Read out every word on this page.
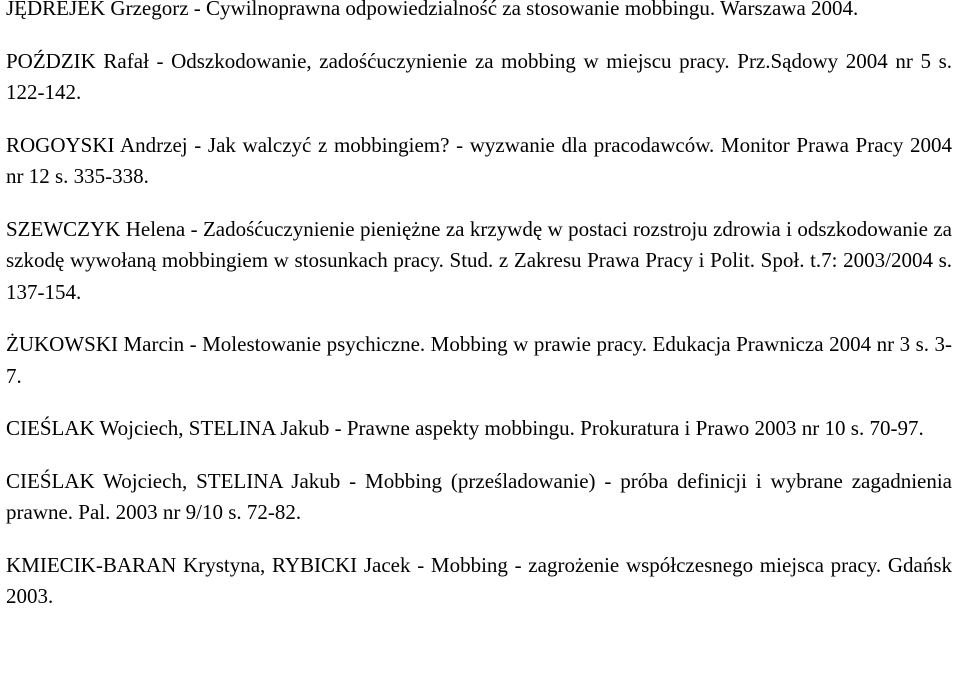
JĘDREJEK Grzegorz - Cywilnoprawna odpowiedzialność za stosowanie mobbingu. Warszawa 2004.
POŹDZIK Rafał - Odszkodowanie, zadośćuczynienie za mobbing w miejscu pracy. Prz.Sądowy 2004 nr 5 s. 122-142.
ROGOYSKI Andrzej - Jak walczyć z mobbingiem? - wyzwanie dla pracodawców. Monitor Prawa Pracy 2004 nr 12 s. 335-338.
SZEWCZYK Helena - Zadośćuczynienie pieniężne za krzywdę w postaci rozstroju zdrowia i odszkodowanie za szkodę wywołaną mobbingiem w stosunkach pracy. Stud. z Zakresu Prawa Pracy i Polit. Społ. t.7: 2003/2004 s. 137-154.
ŻUKOWSKI Marcin - Molestowanie psychiczne. Mobbing w prawie pracy. Edukacja Prawnicza 2004 nr 3 s. 3-7.
CIEŚLAK Wojciech, STELINA Jakub - Prawne aspekty mobbingu. Prokuratura i Prawo 2003 nr 10 s. 70-97.
CIEŚLAK Wojciech, STELINA Jakub - Mobbing (prześladowanie) - próba definicji i wybrane zagadnienia prawne. Pal. 2003 nr 9/10 s. 72-82.
KMIECIK-BARAN Krystyna, RYBICKI Jacek - Mobbing - zagrożenie współczesnego miejsca pracy. Gdańsk 2003.
